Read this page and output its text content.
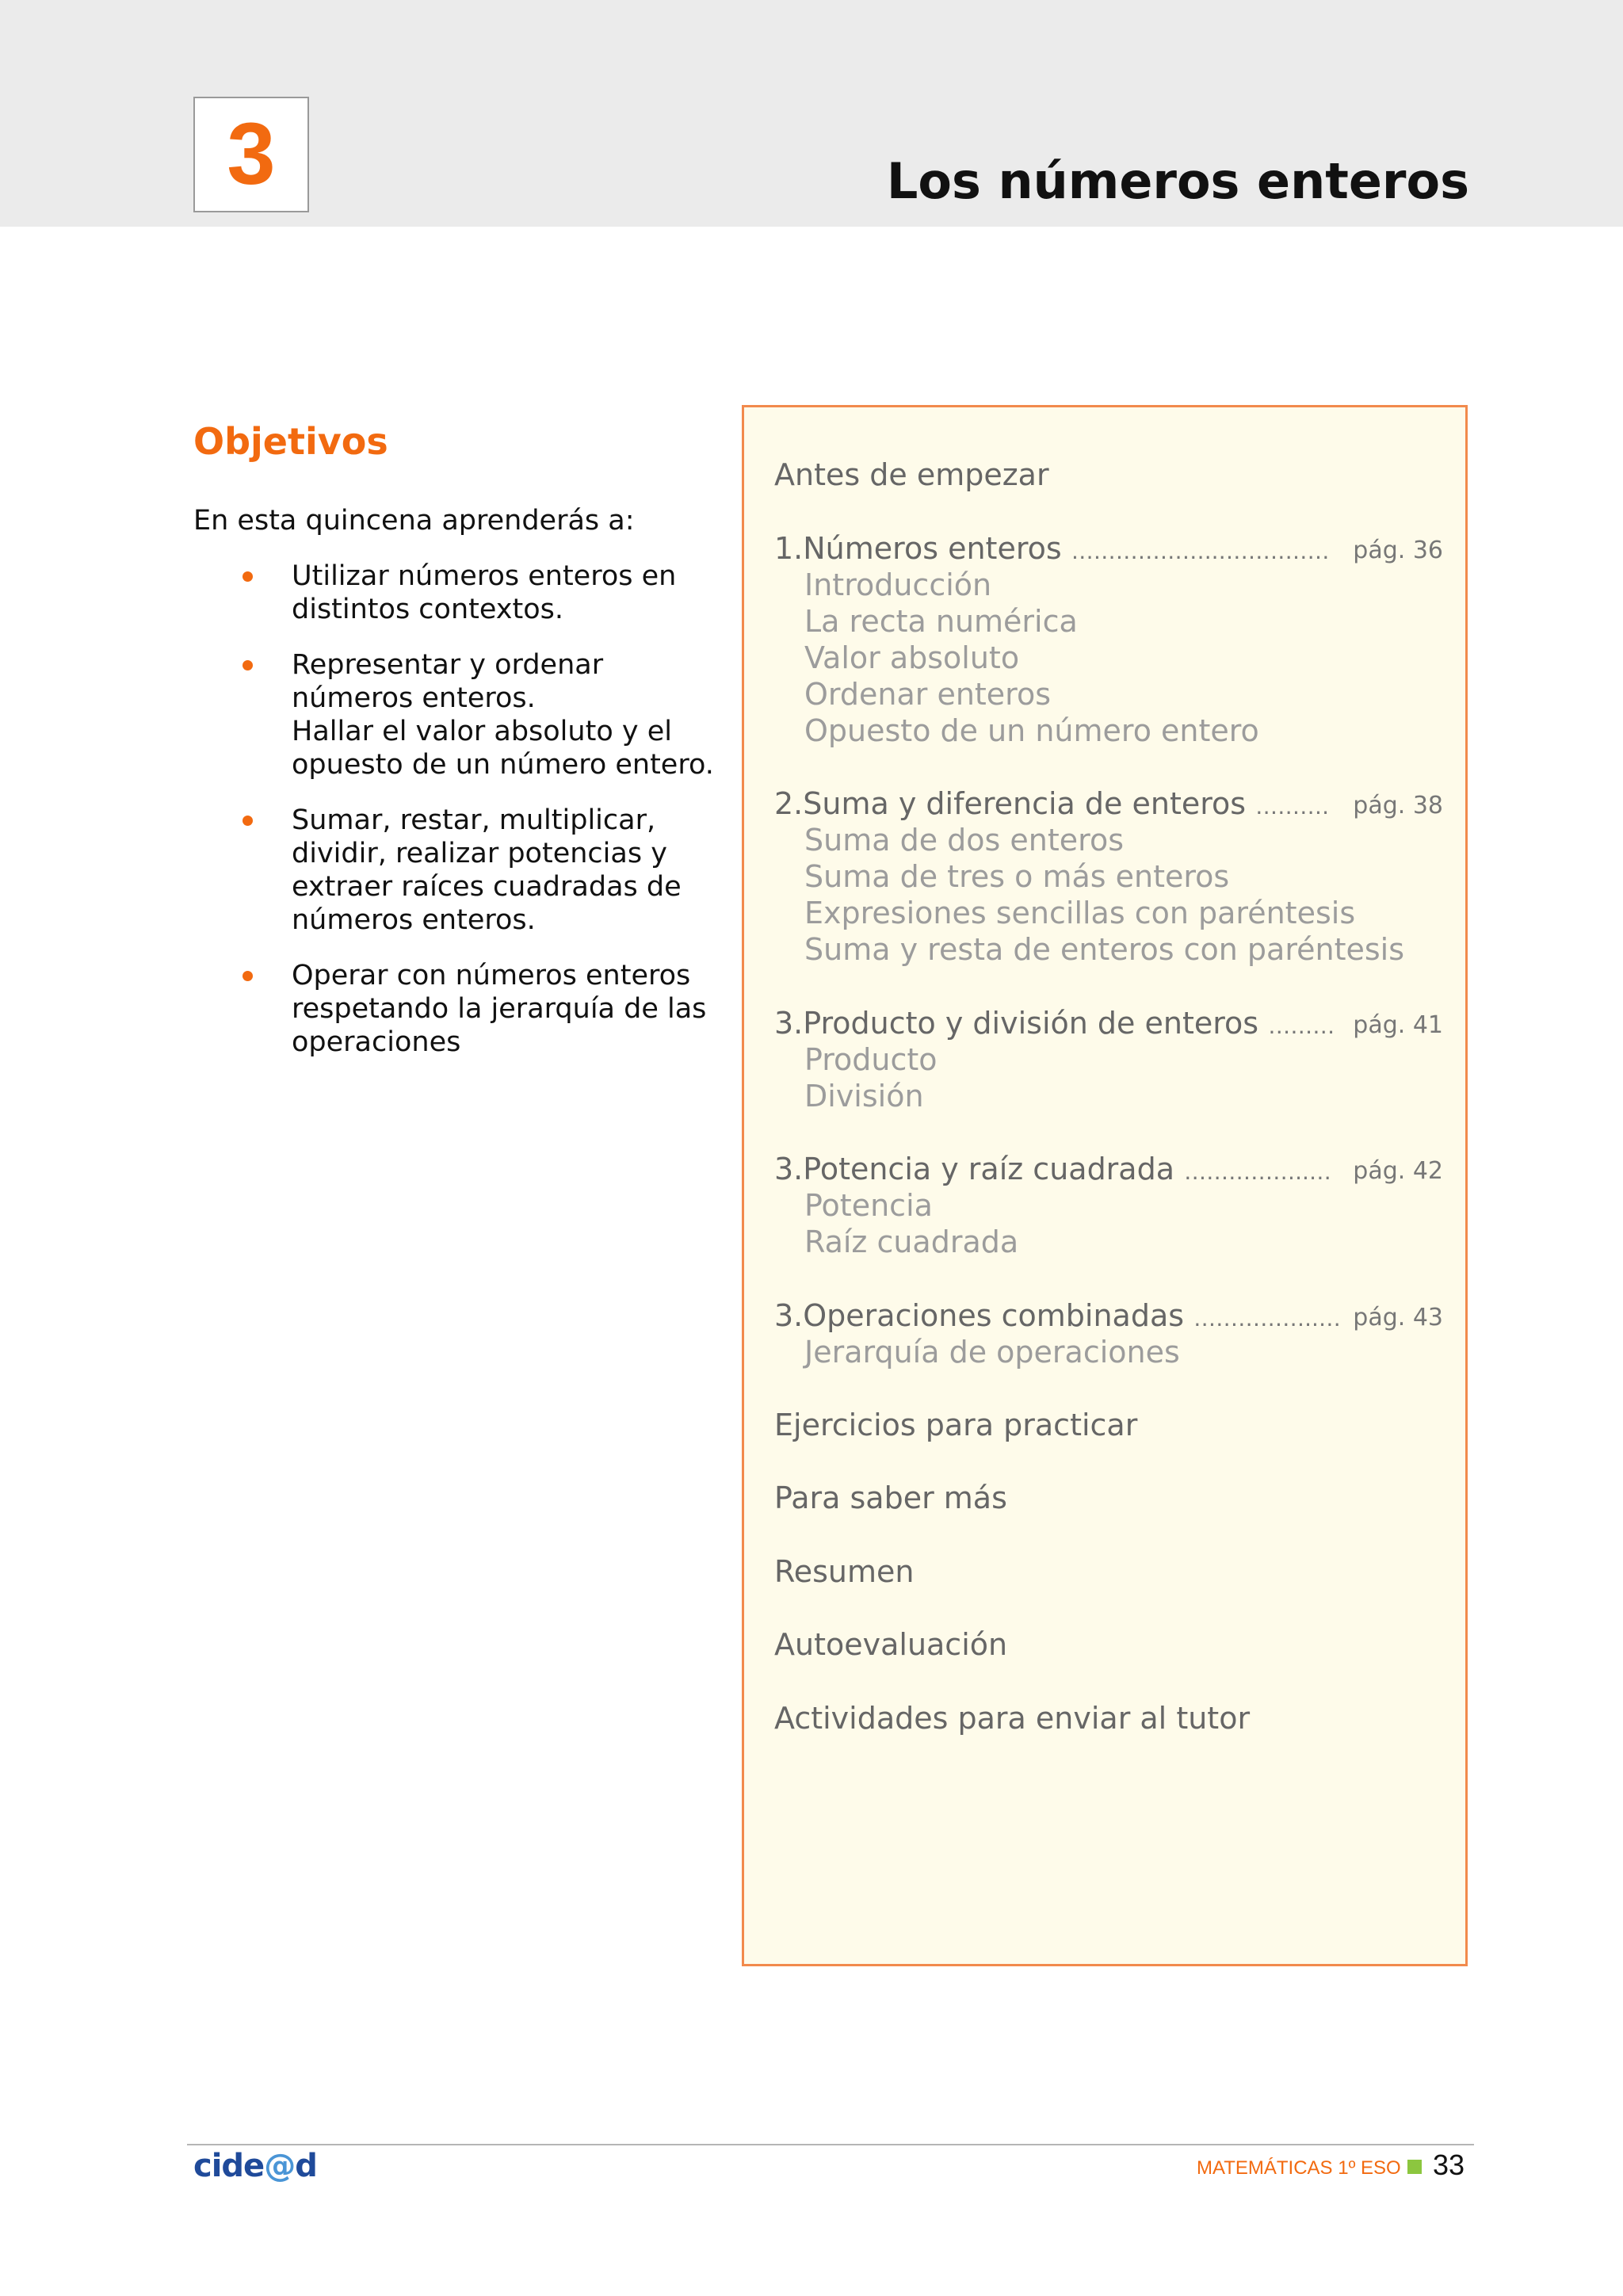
3	Los números enteros
Objetivos
En esta quincena aprenderás a:
Utilizar números enteros en
distintos contextos.
Representar y ordenar
números enteros.
Hallar el valor absoluto y el
opuesto de un número entero.
Sumar, restar, multiplicar,
dividir, realizar potencias y
extraer raíces cuadradas de
números enteros.
Operar con números enteros
respetando la jerarquía de las
operaciones
Antes de empezar
1.Números enteros ………………..…………… pág. 36
Introducción
La recta numérica
Valor absoluto
Ordenar enteros
Opuesto de un número entero
2.Suma y diferencia de enteros ………. pág. 38
Suma de dos enteros
Suma de tres o más enteros
Expresiones sencillas con paréntesis
Suma y resta de enteros con paréntesis
3.Producto y división de enteros ……… pág. 41
Producto
División
3.Potencia y raíz cuadrada ……………..… pág. 42
Potencia
Raíz cuadrada
3.Operaciones combinadas ……………..… pág. 43
Jerarquía de operaciones
Ejercicios para practicar
Para saber más
Resumen
Autoevaluación
Actividades para enviar al tutor
cide@d	MATEMÁTICAS 1º ESO 33
